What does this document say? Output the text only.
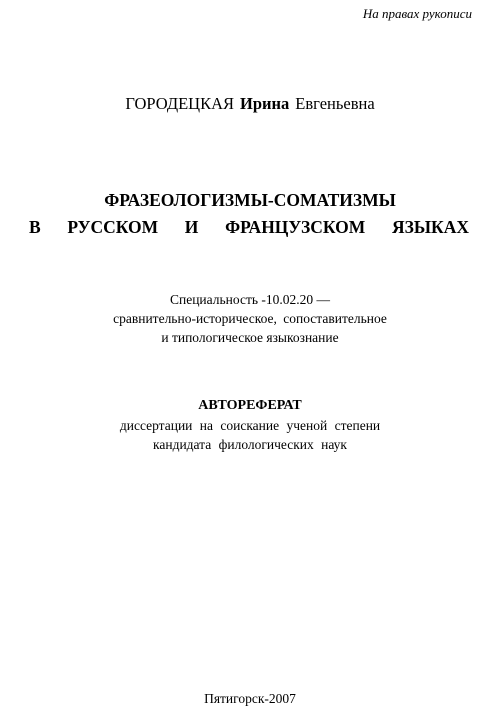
На правах рукописи
ГОРОДЕЦКАЯ Ирина Евгеньевна
ФРАЗЕОЛОГИЗМЫ-СОМАТИЗМЫ
В РУССКОМ И ФРАНЦУЗСКОМ ЯЗЫКАХ
Специальность -10.02.20 —
сравнительно-историческое, сопоставительное
и типологическое языкознание
АВТОРЕФЕРАТ
диссертации на соискание ученой степени
кандидата филологических наук
Пятигорск-2007
